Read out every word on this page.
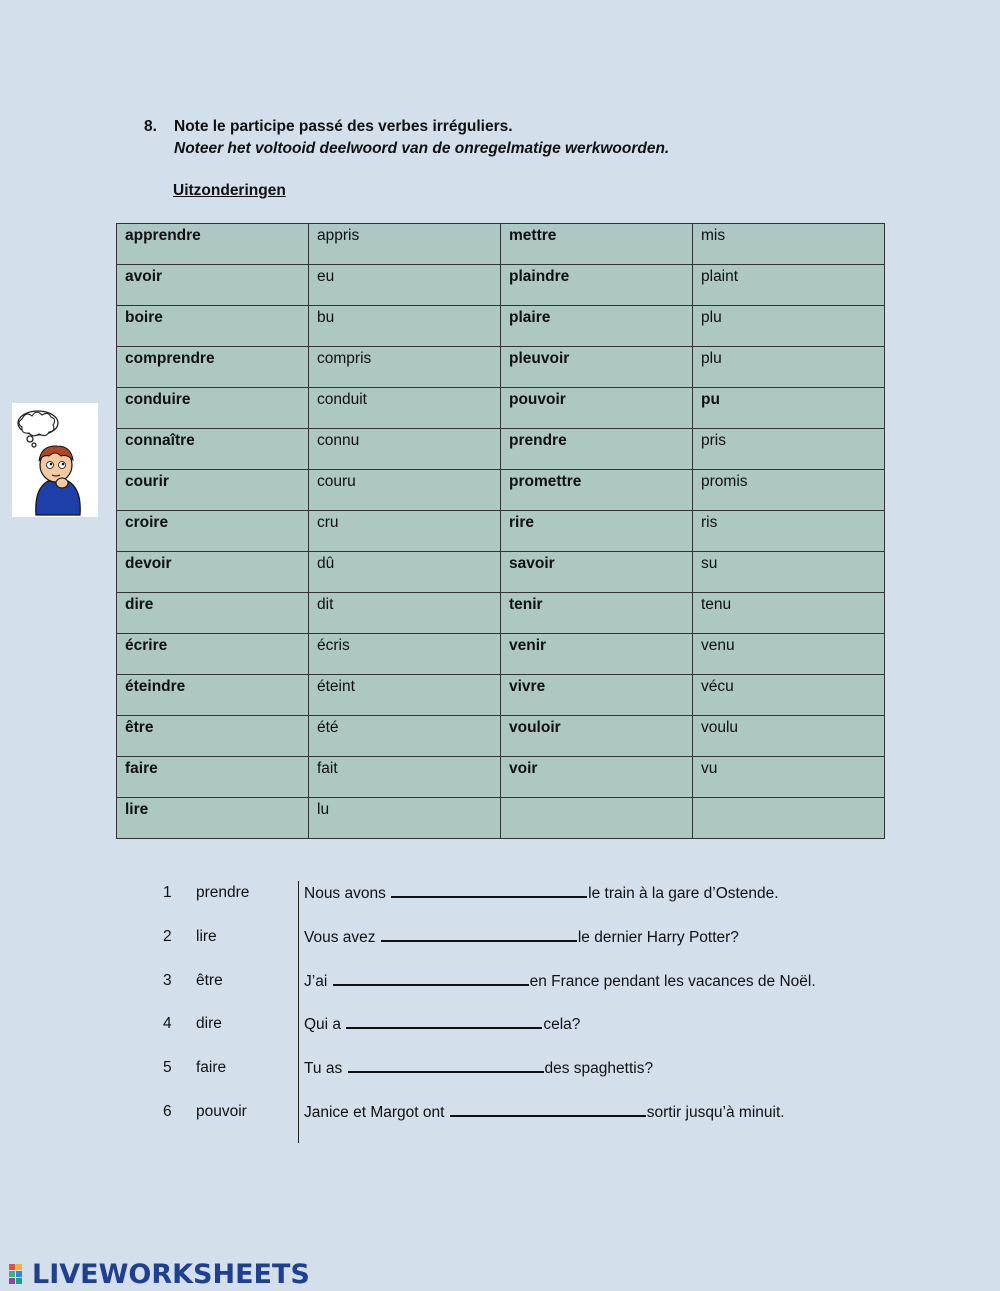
8. Note le participe passé des verbes irréguliers.
Noteer het voltooid deelwoord van de onregelmatige werkwoorden.
Uitzonderingen
apprendre	appris	mettre	mis
avoir	eu	plaindre	plaint
boire	bu	plaire	plu
comprendre	compris	pleuvoir	plu
conduire	conduit	pouvoir	pu
connaître	connu	prendre	pris
courir	couru	promettre	promis
croire	cru	rire	ris
devoir	dû	savoir	su
dire	dit	tenir	tenu
écrire	écris	venir	venu
éteindre	éteint	vivre	vécu
être	été	vouloir	voulu
faire	fait	voir	vu
lire	lu		
1	prendre	Nous avons	le train à la gare d’Ostende.
2	lire	Vous avez	le dernier Harry Potter?
3	être	J’ai	en France pendant les vacances de Noël.
4	dire	Qui a	cela?
5	faire	Tu as	des spaghettis?
6	pouvoir	Janice et Margot ont	sortir jusqu’à minuit.
LIVEWORKSHEETS
